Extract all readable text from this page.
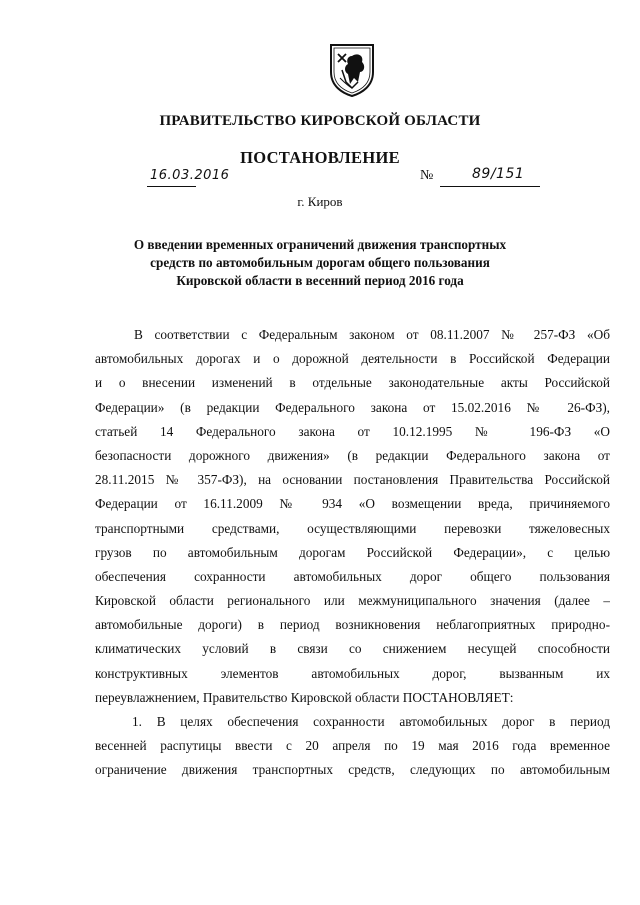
ПРАВИТЕЛЬСТВО КИРОВСКОЙ ОБЛАСТИ
ПОСТАНОВЛЕНИЕ
16.03.2016	№	89/151
г. Киров
О введении временных ограничений движения транспортных
средств по автомобильным дорогам общего пользования
Кировской области в весенний период 2016 года
В соответствии с Федеральным законом от 08.11.2007 № 257-ФЗ «Об
автомобильных дорогах и о дорожной деятельности в Российской Федерации
и о внесении изменений в отдельные законодательные акты Российской
Федерации» (в редакции Федерального закона от 15.02.2016 № 26-ФЗ),
статьей 14 Федерального закона от 10.12.1995 № 196-ФЗ «О
безопасности дорожного движения» (в редакции Федерального закона от
28.11.2015 № 357-ФЗ), на основании постановления Правительства Российской
Федерации от 16.11.2009 № 934 «О возмещении вреда, причиняемого
транспортными средствами, осуществляющими перевозки тяжеловесных
грузов по автомобильным дорогам Российской Федерации», с целью
обеспечения сохранности автомобильных дорог общего пользования
Кировской области регионального или межмуниципального значения (далее –
автомобильные дороги) в период возникновения неблагоприятных природно-
климатических условий в связи со снижением несущей способности
конструктивных элементов автомобильных дорог, вызванным их
переувлажнением, Правительство Кировской области ПОСТАНОВЛЯЕТ:
1. В целях обеспечения сохранности автомобильных дорог в период
весенней распутицы ввести с 20 апреля по 19 мая 2016 года временное
ограничение движения транспортных средств, следующих по автомобильным
